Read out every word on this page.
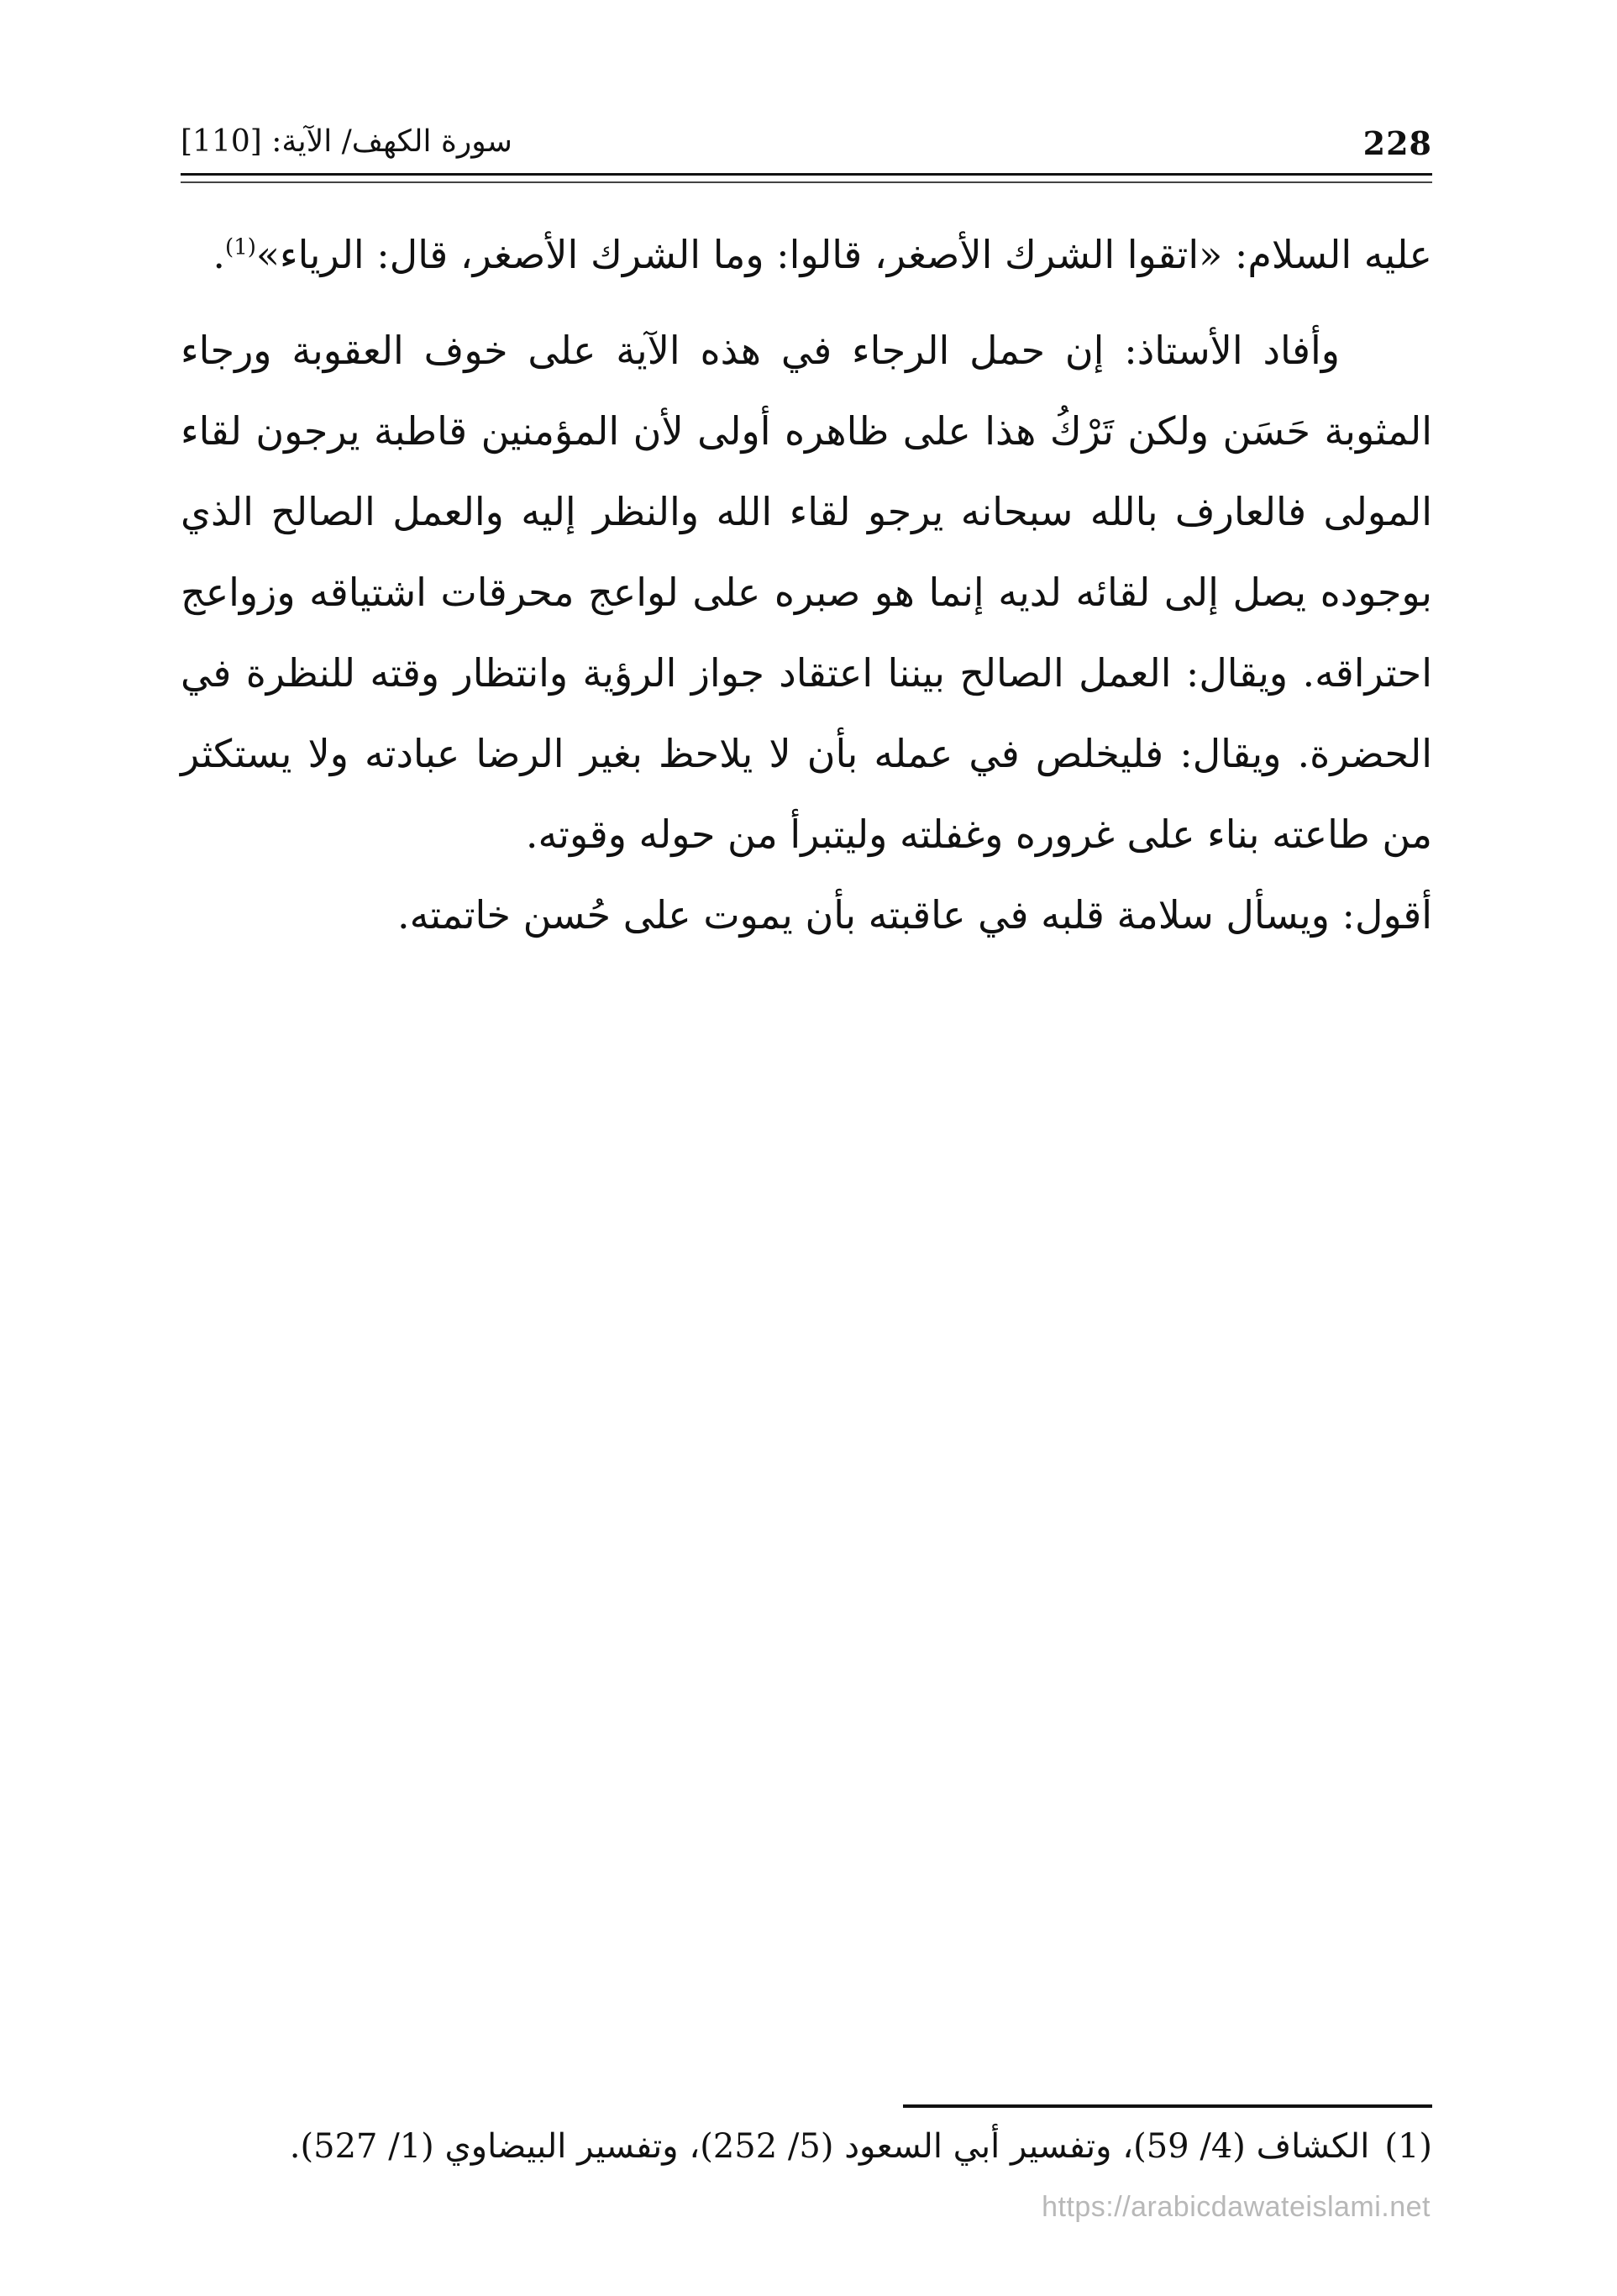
228
سورة الكهف/ الآية: [110]

عليه السلام: «اتقوا الشرك الأصغر، قالوا: وما الشرك الأصغر، قال: الرياء»$^{(1)}$.

وأفاد الأستاذ: إن حمل الرجاء في هذه الآية على خوف العقوبة ورجاء المثوبة حَسَن ولكن تَرْكُ هذا على ظاهره أولى لأن المؤمنين قاطبة يرجون لقاء المولى فالعارف بالله سبحانه يرجو لقاء الله والنظر إليه والعمل الصالح الذي بوجوده يصل إلى لقائه لديه إنما هو صبره على لواعج محرقات اشتياقه وزواعج احتراقه. ويقال: العمل الصالح بيننا اعتقاد جواز الرؤية وانتظار وقته للنظرة في الحضرة. ويقال: فليخلص في عمله بأن لا يلاحظ بغير الرضا عبادته ولا يستكثر من طاعته بناء على غروره وغفلته وليتبرأ من حوله وقوته.

أقول: ويسأل سلامة قلبه في عاقبته بأن يموت على حُسن خاتمته.

(1)الكشاف (4/ 59)، وتفسير أبي السعود (5/ 252)، وتفسير البيضاوي (1/ 527).
https://arabicdawateislami.net
